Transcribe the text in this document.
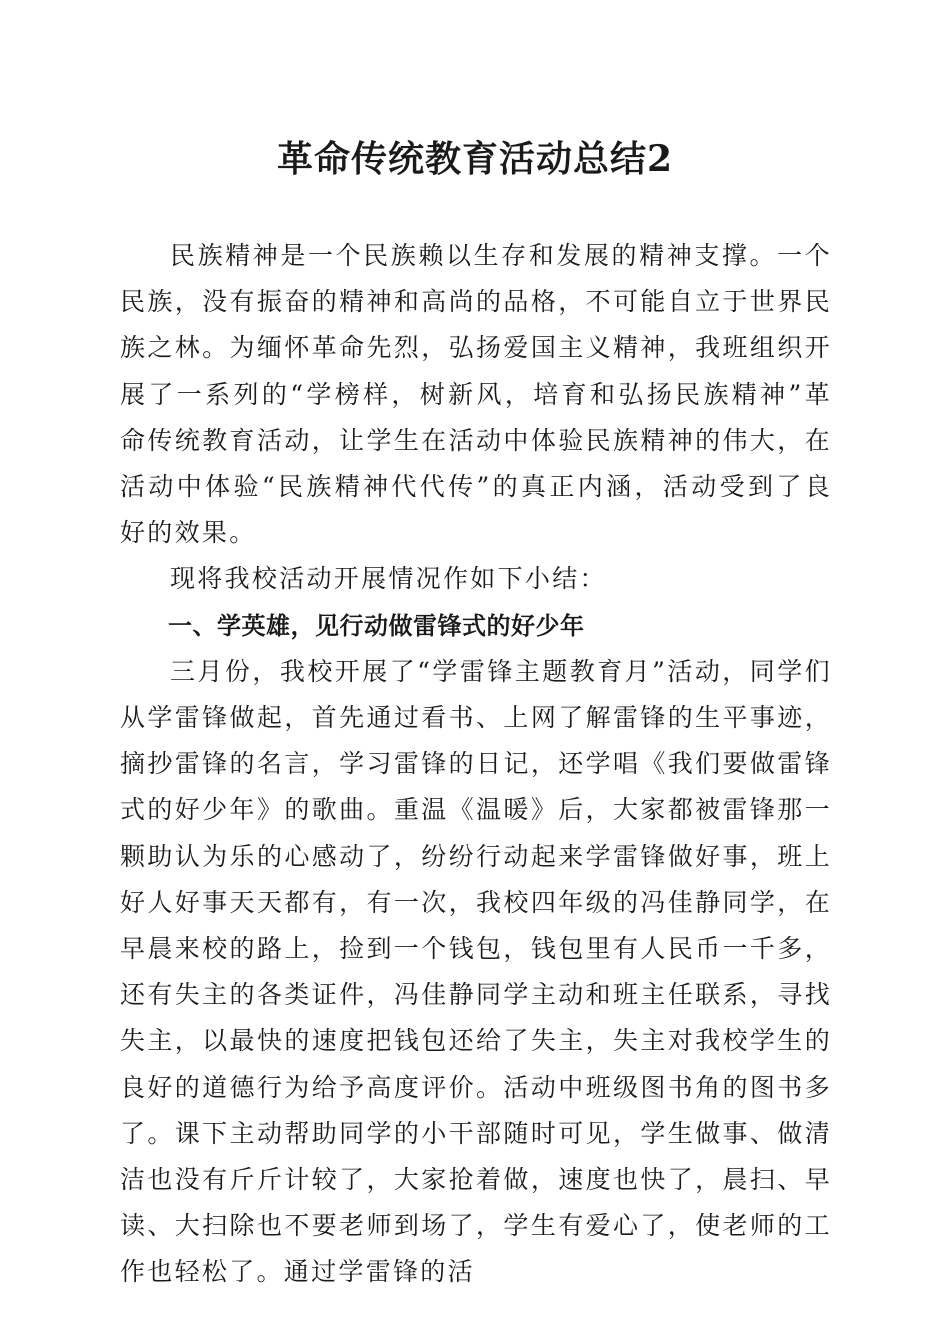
革命传统教育活动总结2

民族精神是一个民族赖以生存和发展的精神支撑。一个民族，没有振奋的精神和高尚的品格，不可能自立于世界民族之林。为缅怀革命先烈，弘扬爱国主义精神，我班组织开展了一系列的“学榜样，树新风，培育和弘扬民族精神”革命传统教育活动，让学生在活动中体验民族精神的伟大，在活动中体验“民族精神代代传”的真正内涵，活动受到了良好的效果。

现将我校活动开展情况作如下小结：

一、学英雄，见行动做雷锋式的好少年

三月份，我校开展了“学雷锋主题教育月”活动，同学们从学雷锋做起，首先通过看书、上网了解雷锋的生平事迹，摘抄雷锋的名言，学习雷锋的日记，还学唱《我们要做雷锋式的好少年》的歌曲。重温《温暖》后，大家都被雷锋那一颗助认为乐的心感动了，纷纷行动起来学雷锋做好事，班上好人好事天天都有，有一次，我校四年级的冯佳静同学，在早晨来校的路上，捡到一个钱包，钱包里有人民币一千多，还有失主的各类证件，冯佳静同学主动和班主任联系，寻找失主，以最快的速度把钱包还给了失主，失主对我校学生的良好的道德行为给予高度评价。活动中班级图书角的图书多了。课下主动帮助同学的小干部随时可见，学生做事、做清洁也没有斤斤计较了，大家抢着做，速度也快了，晨扫、早读、大扫除也不要老师到场了，学生有爱心了，使老师的工作也轻松了。通过学雷锋的活
